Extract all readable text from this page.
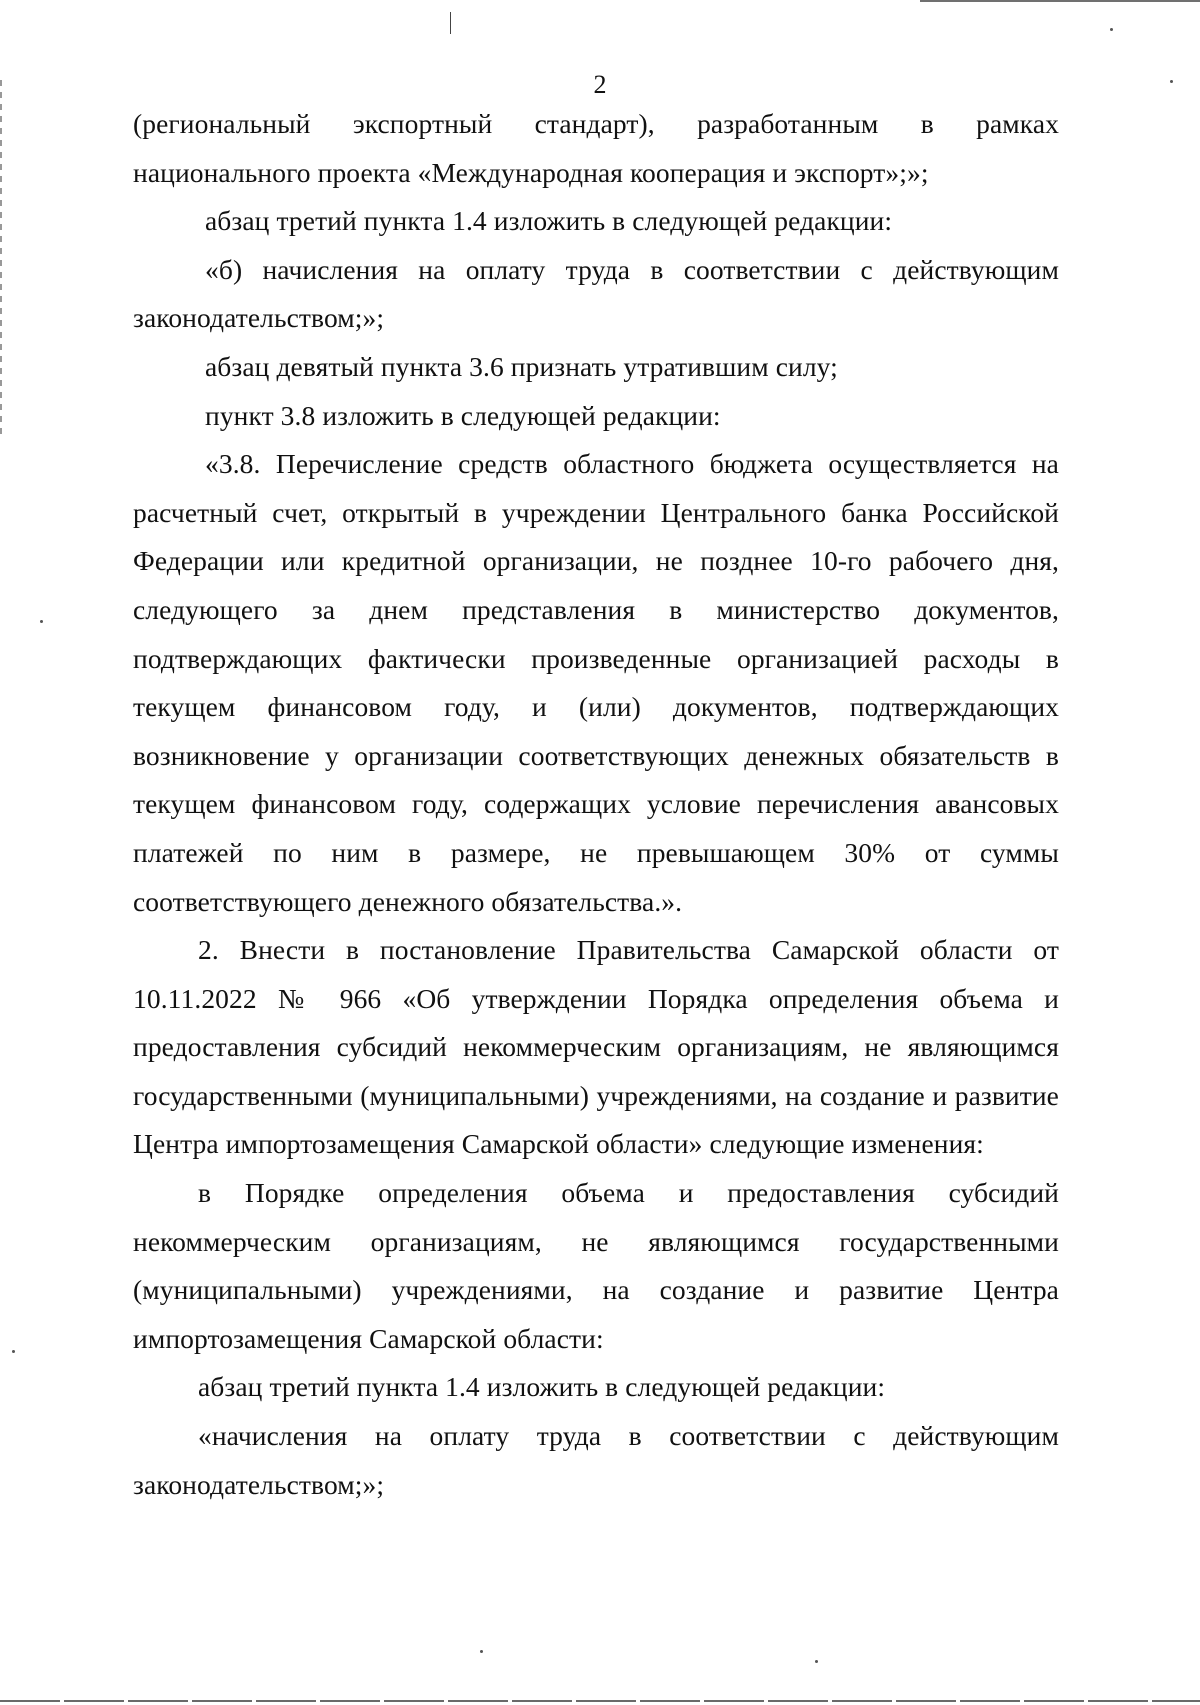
2

(региональный экспортный стандарт), разработанным в рамках национального проекта «Международная кооперация и экспорт»;»;

абзац третий пункта 1.4 изложить в следующей редакции:

«б) начисления на оплату труда в соответствии с действующим законодательством;»;

абзац девятый пункта 3.6 признать утратившим силу;

пункт 3.8 изложить в следующей редакции:

«3.8. Перечисление средств областного бюджета осуществляется на расчетный счет, открытый в учреждении Центрального банка Российской Федерации или кредитной организации, не позднее 10-го рабочего дня, следующего за днем представления в министерство документов, подтверждающих фактически произведенные организацией расходы в текущем финансовом году, и (или) документов, подтверждающих возникновение у организации соответствующих денежных обязательств в текущем финансовом году, содержащих условие перечисления авансовых платежей по ним в размере, не превышающем 30% от суммы соответствующего денежного обязательства.».

2. Внести в постановление Правительства Самарской области от 10.11.2022 № 966 «Об утверждении Порядка определения объема и предоставления субсидий некоммерческим организациям, не являющимся государственными (муниципальными) учреждениями, на создание и развитие Центра импортозамещения Самарской области» следующие изменения:

в Порядке определения объема и предоставления субсидий некоммерческим организациям, не являющимся государственными (муниципальными) учреждениями, на создание и развитие Центра импортозамещения Самарской области:

абзац третий пункта 1.4 изложить в следующей редакции:

«начисления на оплату труда в соответствии с действующим законодательством;»;
